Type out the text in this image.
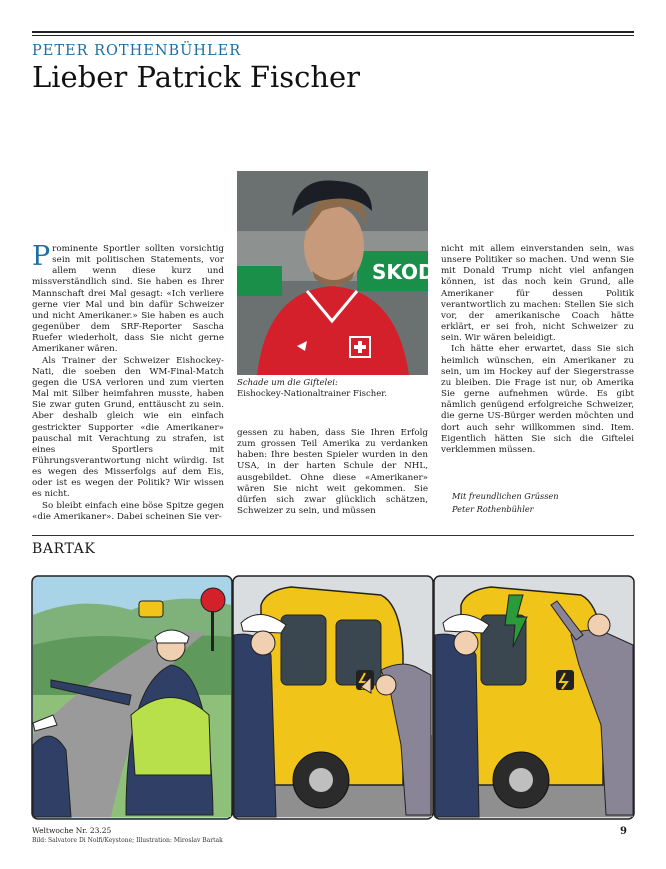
PETER ROTHENBÜHLER
Lieber Patrick Fischer

Prominente Sportler sollten vorsichtig sein mit politischen Statements, vor allem wenn diese kurz und missverständlich sind. Sie haben es Ihrer Mannschaft drei Mal gesagt: «Ich verliere gerne vier Mal und bin dafür Schweizer und nicht Amerikaner.» Sie haben es auch gegenüber dem SRF-Reporter Sascha Ruefer wiederholt, dass Sie nicht gerne Amerikaner wären.

Als Trainer der Schweizer Eishockey-Nati, die soeben den WM-Final-Match gegen die USA verloren und zum vierten Mal mit Silber heimfahren musste, haben Sie zwar guten Grund, enttäuscht zu sein. Aber deshalb gleich wie ein einfach gestrickter Supporter «die Amerikaner» pauschal mit Verachtung zu strafen, ist eines Sportlers mit Führungsverantwortung nicht würdig. Ist es wegen des Misserfolgs auf dem Eis, oder ist es wegen der Politik? Wir wissen es nicht.

So bleibt einfach eine böse Spitze gegen «die Amerikaner». Dabei scheinen Sie ver-

SKOD
Schade um die Giftelei:
Eishockey-Nationaltrainer Fischer.

gessen zu haben, dass Sie Ihren Erfolg zum grossen Teil Amerika zu verdanken haben: Ihre besten Spieler wurden in den USA, in der harten Schule der NHL, ausgebildet. Ohne diese «Amerikaner» wären Sie nicht weit gekommen. Sie dürfen sich zwar glücklich schätzen, Schweizer zu sein, und müssen

nicht mit allem einverstanden sein, was unsere Politiker so machen. Und wenn Sie mit Donald Trump nicht viel anfangen können, ist das noch kein Grund, alle Amerikaner für dessen Politik verantwortlich zu machen: Stellen Sie sich vor, der amerikanische Coach hätte erklärt, er sei froh, nicht Schweizer zu sein. Wir wären beleidigt.

Ich hätte eher erwartet, dass Sie sich heimlich wünschen, ein Amerikaner zu sein, um im Hockey auf der Siegerstrasse zu bleiben. Die Frage ist nur, ob Amerika Sie gerne aufnehmen würde. Es gibt nämlich genügend erfolgreiche Schweizer, die gerne US-Bürger werden möchten und dort auch sehr willkommen sind. Item. Eigentlich hätten Sie sich die Giftelei verklemmen müssen.

Mit freundlichen Grüssen
Peter Rothenbühler
BARTAK
Weltwoche Nr. 23.25
Bild: Salvatore Di Nolfi/Keystone; Illustration: Miroslav Bartak
9
